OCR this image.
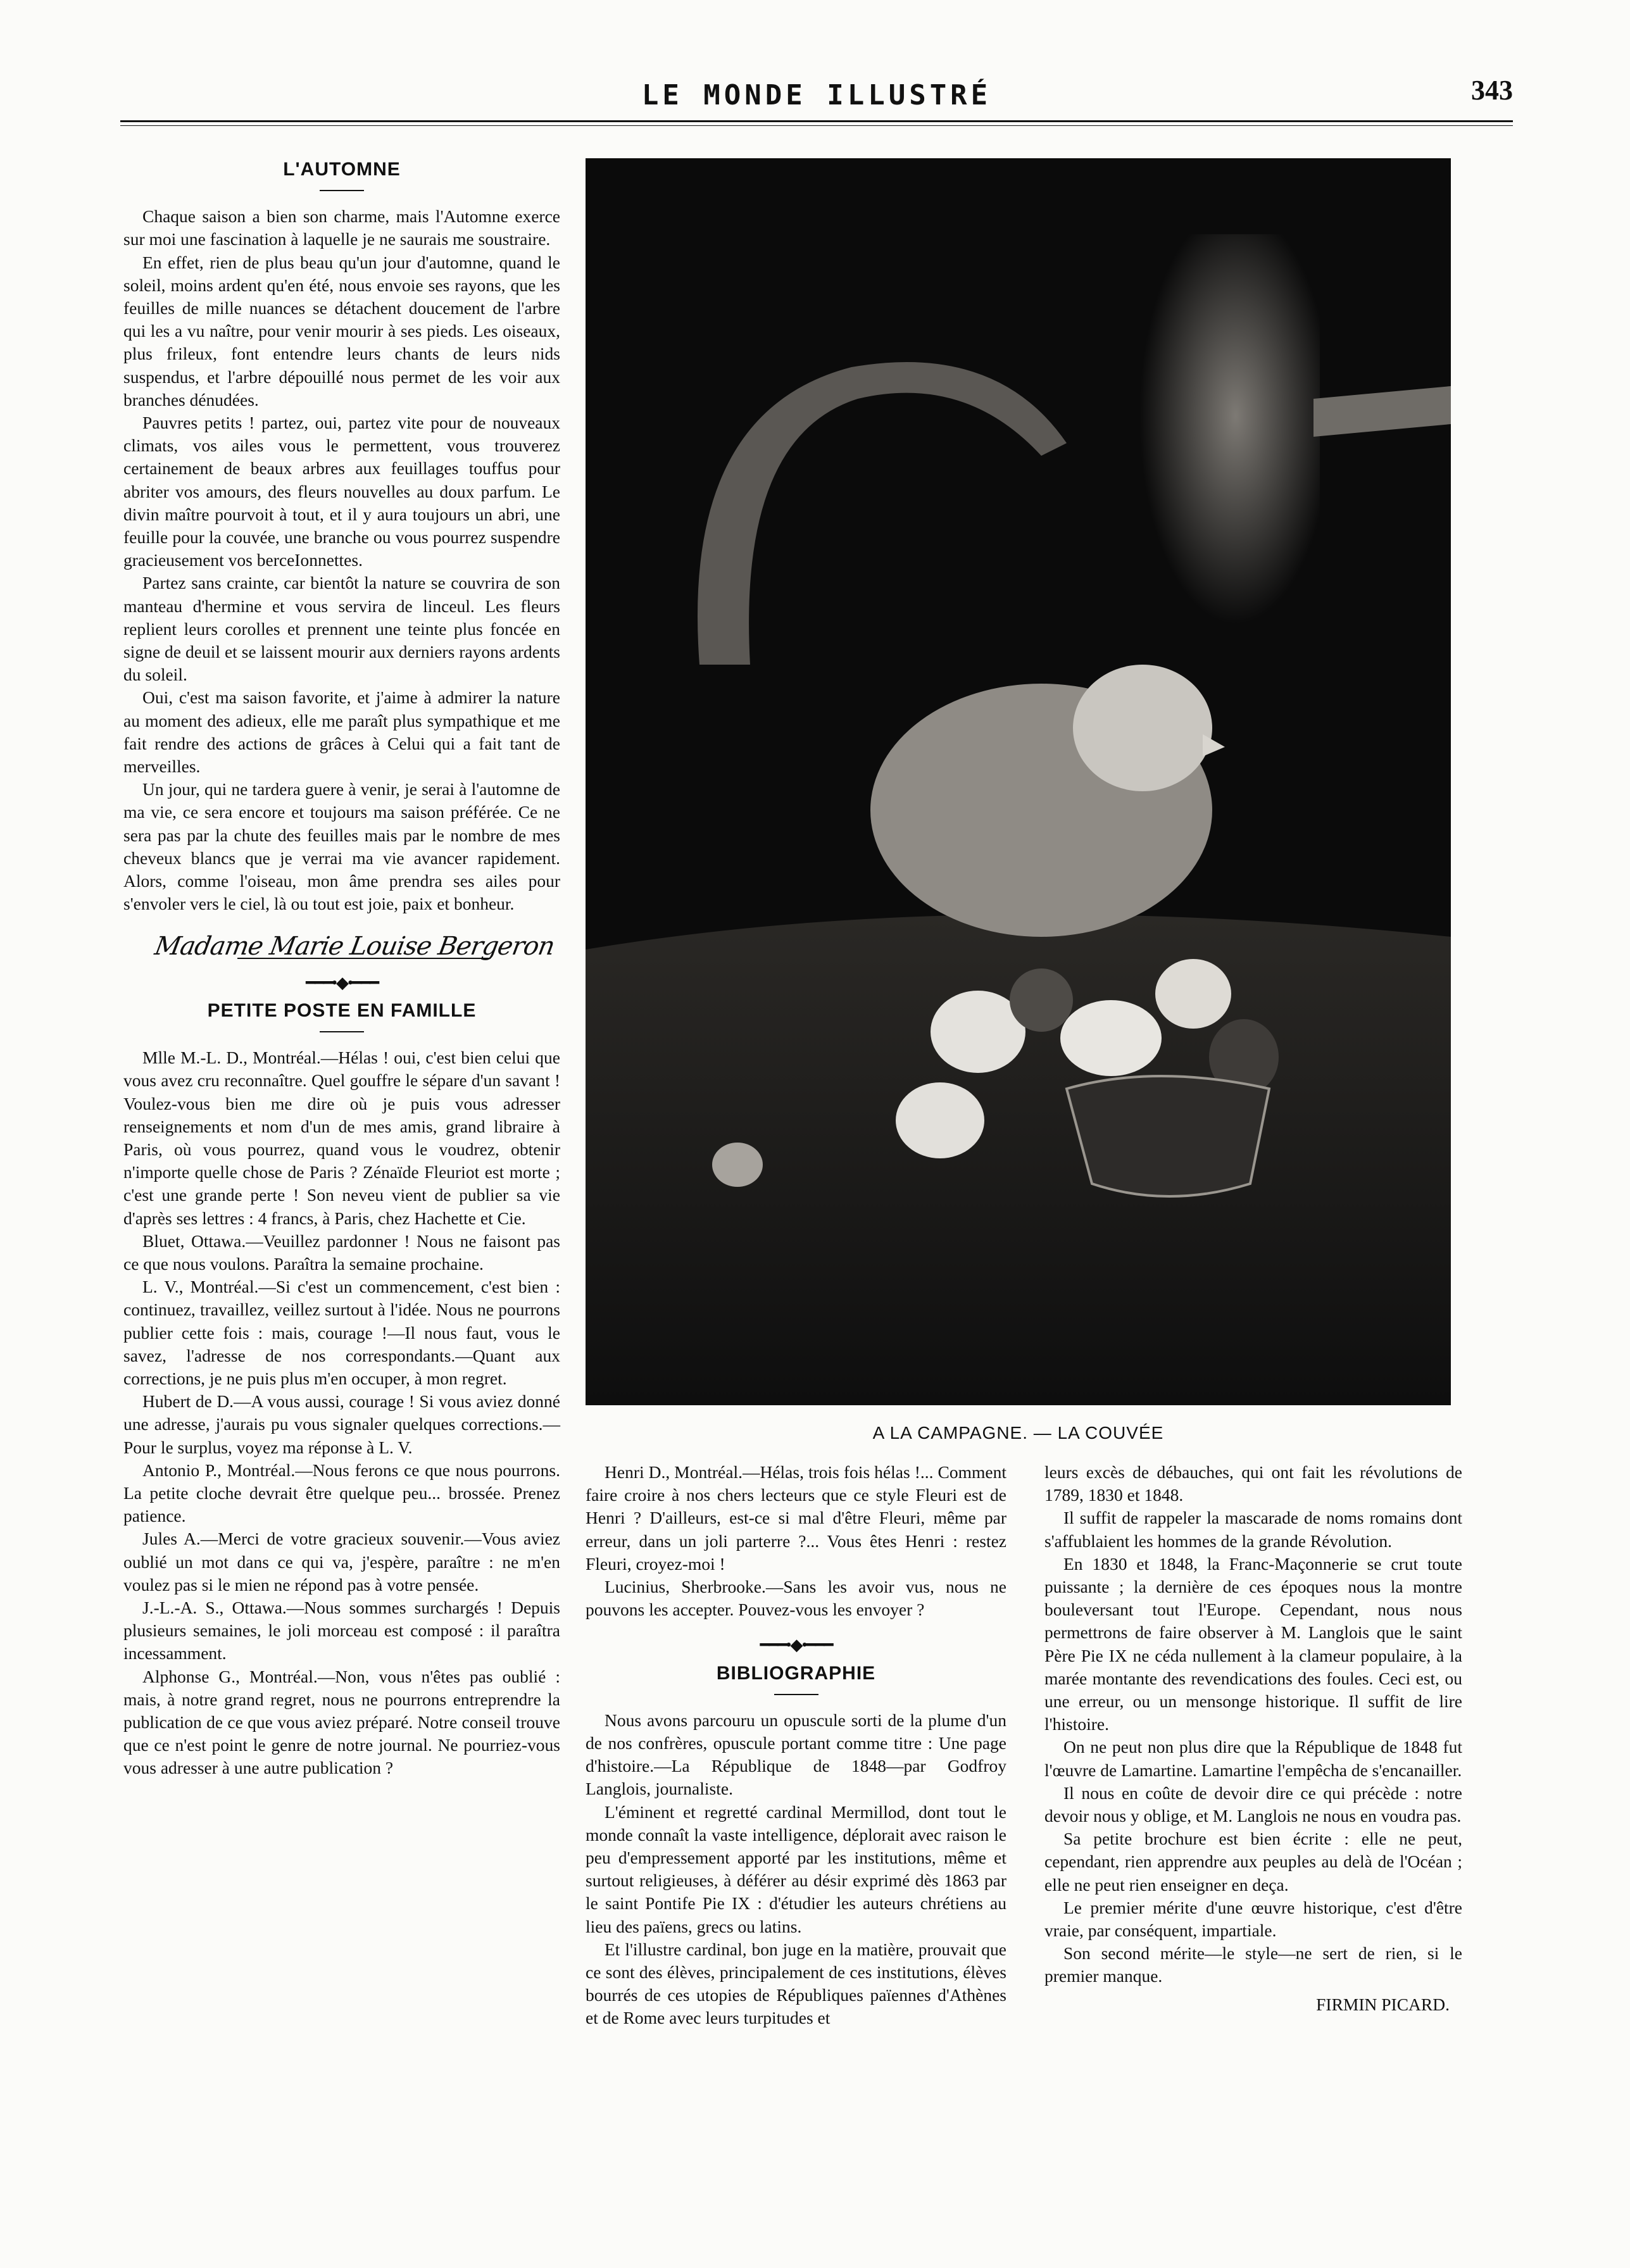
LE MONDE ILLUSTRÉ	343
L'AUTOMNE

Chaque saison a bien son charme, mais l'Automne exerce sur moi une fascination à laquelle je ne saurais me soustraire.

En effet, rien de plus beau qu'un jour d'automne, quand le soleil, moins ardent qu'en été, nous envoie ses rayons, que les feuilles de mille nuances se détachent doucement de l'arbre qui les a vu naître, pour venir mourir à ses pieds. Les oiseaux, plus frileux, font entendre leurs chants de leurs nids suspendus, et l'arbre dépouillé nous permet de les voir aux branches dénudées.

Pauvres petits ! partez, oui, partez vite pour de nouveaux climats, vos ailes vous le permettent, vous trouverez certainement de beaux arbres aux feuillages touffus pour abriter vos amours, des fleurs nouvelles au doux parfum. Le divin maître pourvoit à tout, et il y aura toujours un abri, une feuille pour la couvée, une branche ou vous pourrez suspendre gracieusement vos berceIonnettes.

Partez sans crainte, car bientôt la nature se couvrira de son manteau d'hermine et vous servira de linceul. Les fleurs replient leurs corolles et prennent une teinte plus foncée en signe de deuil et se laissent mourir aux derniers rayons ardents du soleil.

Oui, c'est ma saison favorite, et j'aime à admirer la nature au moment des adieux, elle me paraît plus sympathique et me fait rendre des actions de grâces à Celui qui a fait tant de merveilles.

Un jour, qui ne tardera guere à venir, je serai à l'automne de ma vie, ce sera encore et toujours ma saison préférée. Ce ne sera pas par la chute des feuilles mais par le nombre de mes cheveux blancs que je verrai ma vie avancer rapidement. Alors, comme l'oiseau, mon âme prendra ses ailes pour s'envoler vers le ciel, là ou tout est joie, paix et bonheur.

Madame Marie Louise Bergeron
━━━•◆•━━━
PETITE POSTE EN FAMILLE

Mlle M.-L. D., Montréal.—Hélas ! oui, c'est bien celui que vous avez cru reconnaître. Quel gouffre le sépare d'un savant ! Voulez-vous bien me dire où je puis vous adresser renseignements et nom d'un de mes amis, grand libraire à Paris, où vous pourrez, quand vous le voudrez, obtenir n'importe quelle chose de Paris ? Zénaïde Fleuriot est morte ; c'est une grande perte ! Son neveu vient de publier sa vie d'après ses lettres : 4 francs, à Paris, chez Hachette et Cie.

Bluet, Ottawa.—Veuillez pardonner ! Nous ne faisont pas ce que nous voulons. Paraîtra la semaine prochaine.

L. V., Montréal.—Si c'est un commencement, c'est bien : continuez, travaillez, veillez surtout à l'idée. Nous ne pourrons publier cette fois : mais, courage !—Il nous faut, vous le savez, l'adresse de nos correspondants.—Quant aux corrections, je ne puis plus m'en occuper, à mon regret.

Hubert de D.—A vous aussi, courage ! Si vous aviez donné une adresse, j'aurais pu vous signaler quelques corrections.—Pour le surplus, voyez ma réponse à L. V.

Antonio P., Montréal.—Nous ferons ce que nous pourrons. La petite cloche devrait être quelque peu... brossée. Prenez patience.

Jules A.—Merci de votre gracieux souvenir.—Vous aviez oublié un mot dans ce qui va, j'espère, paraître : ne m'en voulez pas si le mien ne répond pas à votre pensée.

J.-L.-A. S., Ottawa.—Nous sommes surchargés ! Depuis plusieurs semaines, le joli morceau est composé : il paraîtra incessamment.

Alphonse G., Montréal.—Non, vous n'êtes pas oublié : mais, à notre grand regret, nous ne pourrons entreprendre la publication de ce que vous aviez préparé. Notre conseil trouve que ce n'est point le genre de notre journal. Ne pourriez-vous vous adresser à une autre publication ?

A LA CAMPAGNE. — LA COUVÉE

Henri D., Montréal.—Hélas, trois fois hélas !... Comment faire croire à nos chers lecteurs que ce style Fleuri est de Henri ? D'ailleurs, est-ce si mal d'être Fleuri, même par erreur, dans un joli parterre ?... Vous êtes Henri : restez Fleuri, croyez-moi !

Lucinius, Sherbrooke.—Sans les avoir vus, nous ne pouvons les accepter. Pouvez-vous les envoyer ?

━━━•◆•━━━
BIBLIOGRAPHIE

Nous avons parcouru un opuscule sorti de la plume d'un de nos confrères, opuscule portant comme titre : Une page d'histoire.—La République de 1848—par Godfroy Langlois, journaliste.

L'éminent et regretté cardinal Mermillod, dont tout le monde connaît la vaste intelligence, déplorait avec raison le peu d'empressement apporté par les institutions, même et surtout religieuses, à déférer au désir exprimé dès 1863 par le saint Pontife Pie IX : d'étudier les auteurs chrétiens au lieu des païens, grecs ou latins.

Et l'illustre cardinal, bon juge en la matière, prouvait que ce sont des élèves, principalement de ces institutions, élèves bourrés de ces utopies de Républiques païennes d'Athènes et de Rome avec leurs turpitudes et

leurs excès de débauches, qui ont fait les révolutions de 1789, 1830 et 1848.

Il suffit de rappeler la mascarade de noms romains dont s'affublaient les hommes de la grande Révolution.

En 1830 et 1848, la Franc-Maçonnerie se crut toute puissante ; la dernière de ces époques nous la montre bouleversant tout l'Europe. Cependant, nous nous permettrons de faire observer à M. Langlois que le saint Père Pie IX ne céda nullement à la clameur populaire, à la marée montante des revendications des foules. Ceci est, ou une erreur, ou un mensonge historique. Il suffit de lire l'histoire.

On ne peut non plus dire que la République de 1848 fut l'œuvre de Lamartine. Lamartine l'empêcha de s'encanailler.

Il nous en coûte de devoir dire ce qui précède : notre devoir nous y oblige, et M. Langlois ne nous en voudra pas.

Sa petite brochure est bien écrite : elle ne peut, cependant, rien apprendre aux peuples au delà de l'Océan ; elle ne peut rien enseigner en deça.

Le premier mérite d'une œuvre historique, c'est d'être vraie, par conséquent, impartiale.

Son second mérite—le style—ne sert de rien, si le premier manque.

FIRMIN PICARD.
